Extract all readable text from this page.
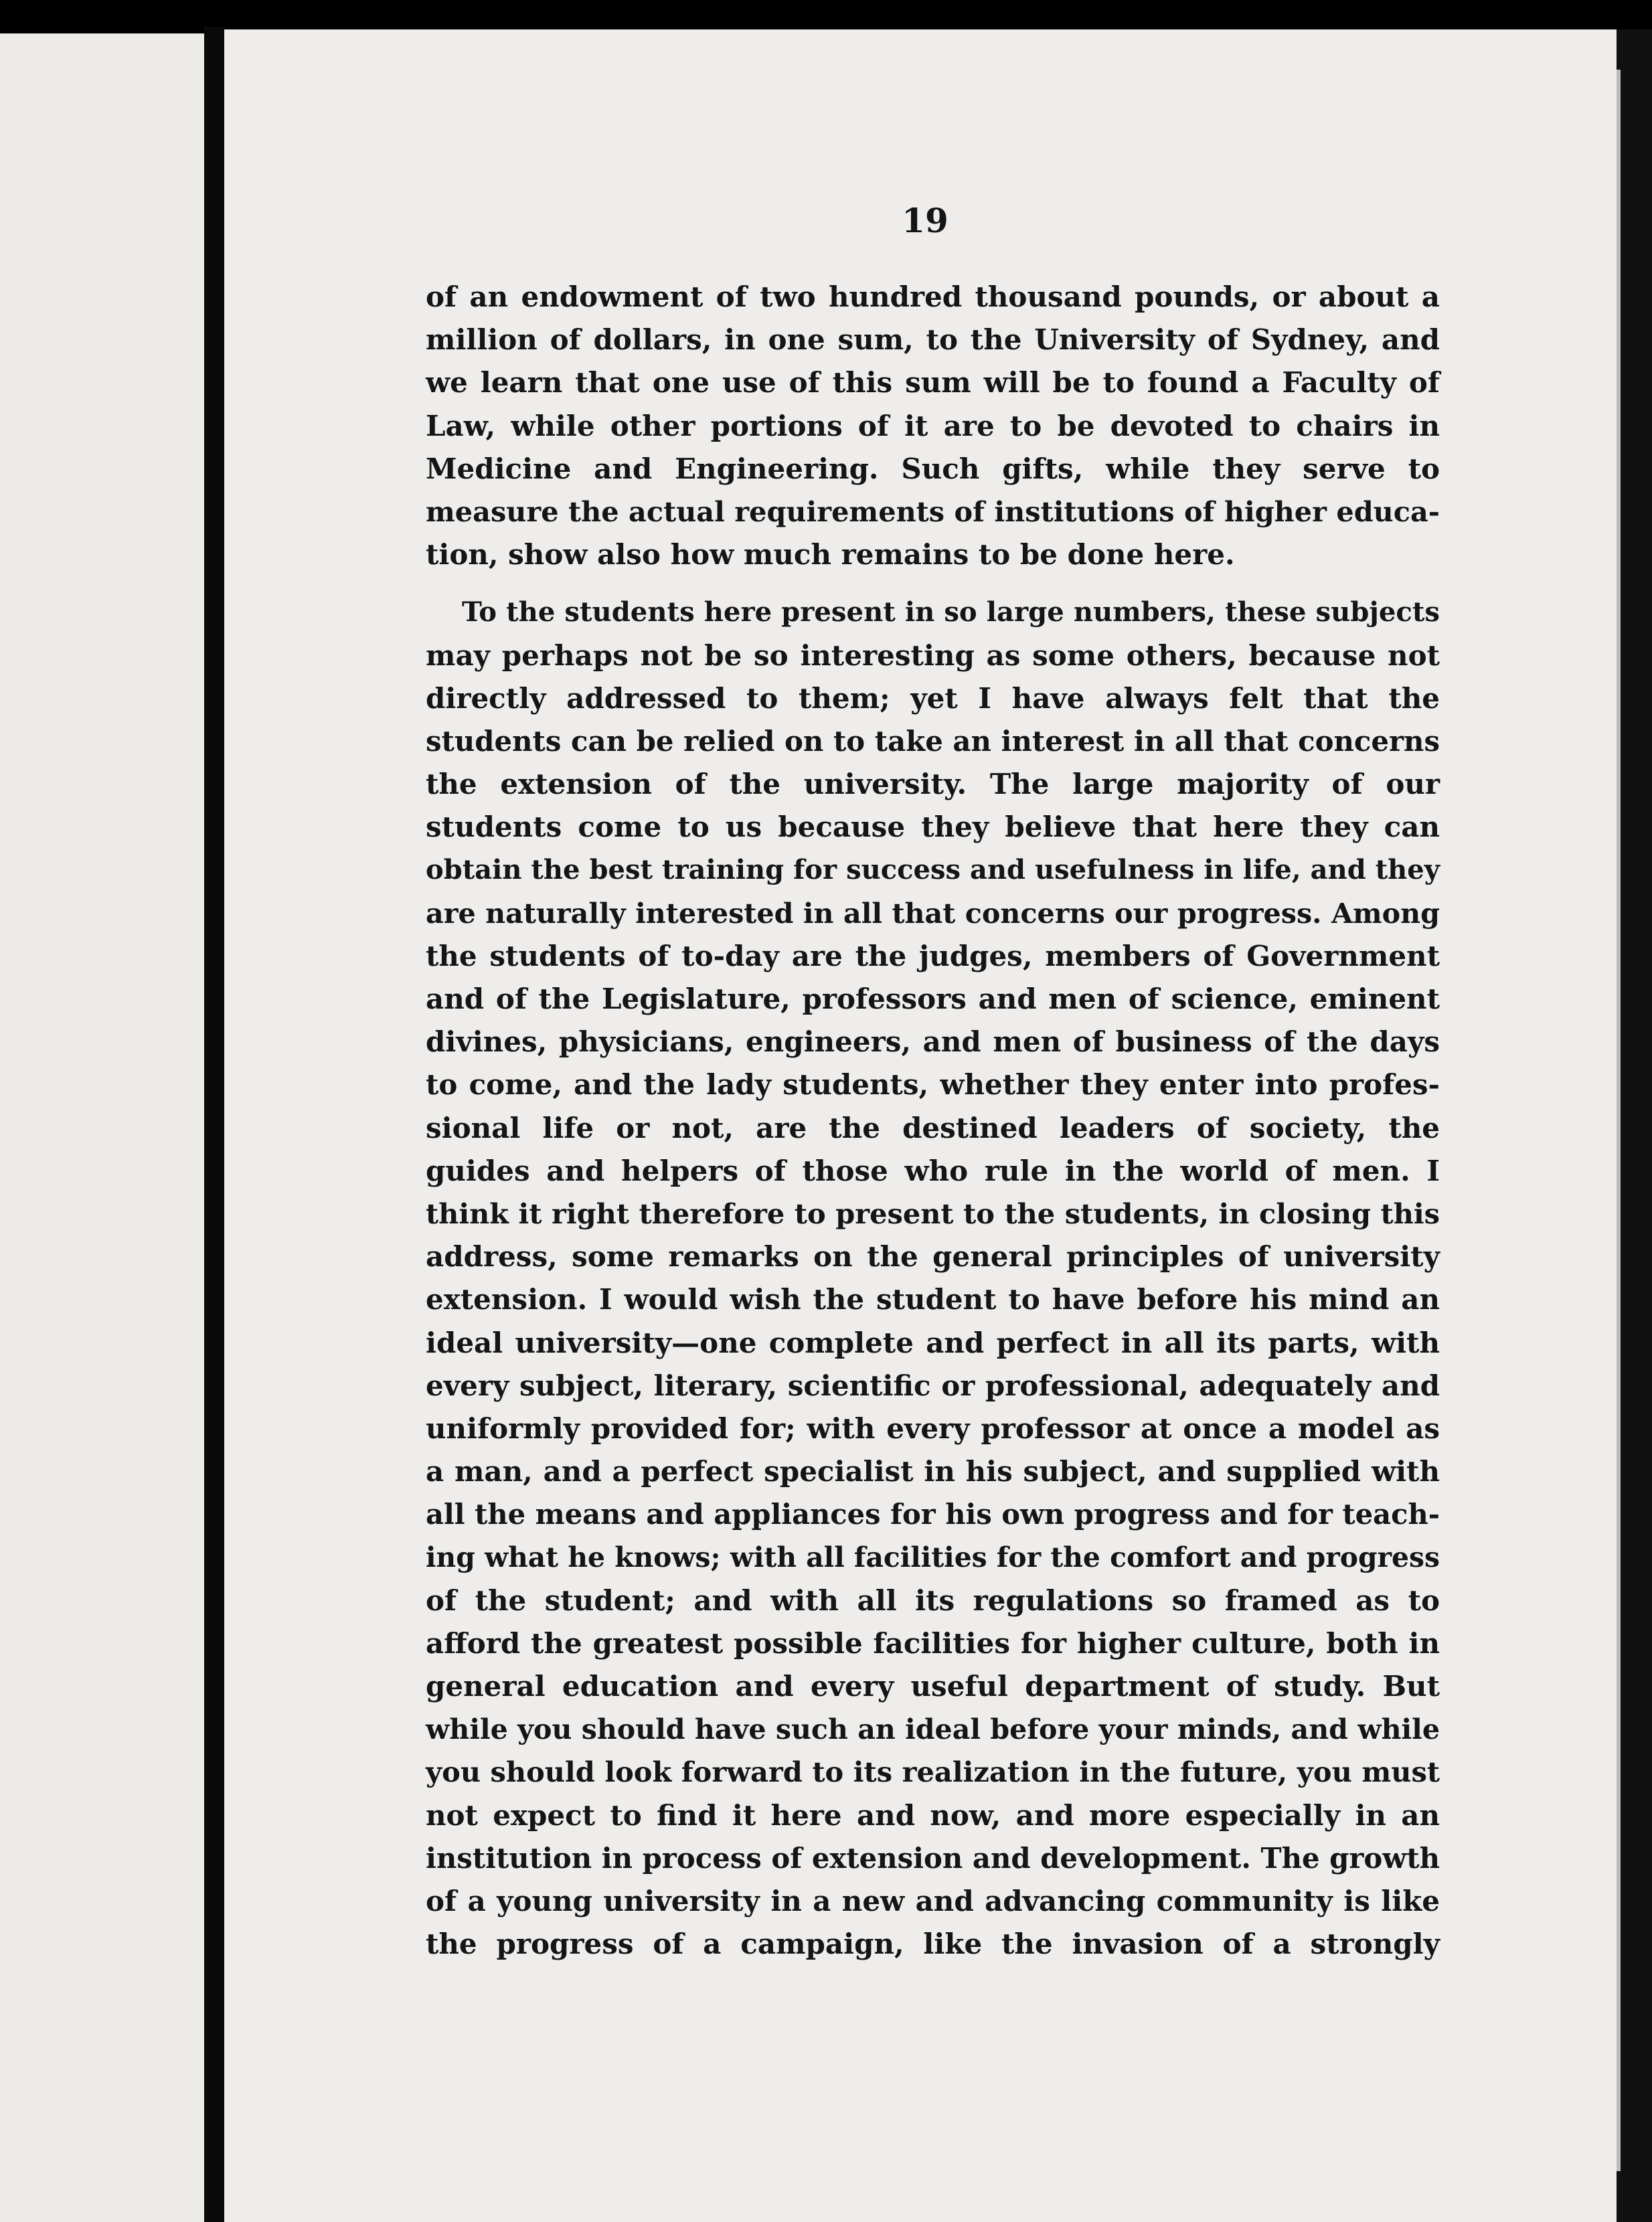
19
of an endowment of two hundred thousand pounds, or about a
million of dollars, in one sum, to the University of Sydney, and
we learn that one use of this sum will be to found a Faculty of
Law, while other portions of it are to be devoted to chairs in
Medicine and Engineering. Such gifts, while they serve to
measure the actual requirements of institutions of higher educa-
tion, show also how much remains to be done here.
To the students here present in so large numbers, these subjects
may perhaps not be so interesting as some others, because not
directly addressed to them; yet I have always felt that the
students can be relied on to take an interest in all that concerns
the extension of the university. The large majority of our
students come to us because they believe that here they can
obtain the best training for success and usefulness in life, and they
are naturally interested in all that concerns our progress. Among
the students of to-day are the judges, members of Government
and of the Legislature, professors and men of science, eminent
divines, physicians, engineers, and men of business of the days
to come, and the lady students, whether they enter into profes-
sional life or not, are the destined leaders of society, the
guides and helpers of those who rule in the world of men. I
think it right therefore to present to the students, in closing this
address, some remarks on the general principles of university
extension. I would wish the student to have before his mind an
ideal university—one complete and perfect in all its parts, with
every subject, literary, scientific or professional, adequately and
uniformly provided for; with every professor at once a model as
a man, and a perfect specialist in his subject, and supplied with
all the means and appliances for his own progress and for teach-
ing what he knows; with all facilities for the comfort and progress
of the student; and with all its regulations so framed as to
afford the greatest possible facilities for higher culture, both in
general education and every useful department of study. But
while you should have such an ideal before your minds, and while
you should look forward to its realization in the future, you must
not expect to find it here and now, and more especially in an
institution in process of extension and development. The growth
of a young university in a new and advancing community is like
the progress of a campaign, like the invasion of a strongly
